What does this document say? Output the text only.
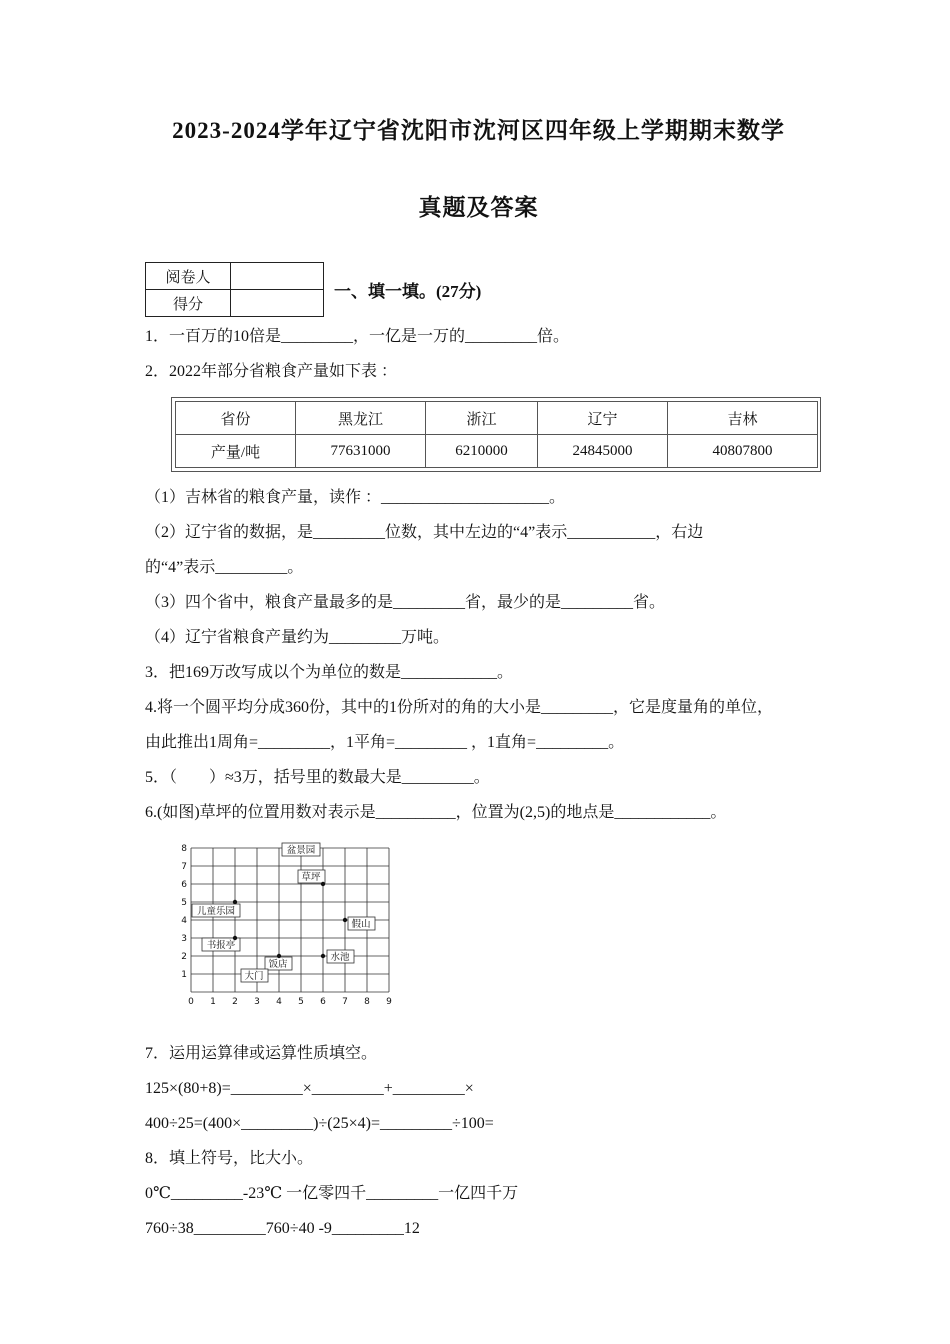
2023-2024学年辽宁省沈阳市沈河区四年级上学期期末数学
真题及答案
阅卷人	
得分	
一、填一填。(27分)

1．一百万的10倍是_________，一亿是一万的_________倍。

2．2022年部分省粮食产量如下表 ：

省份	黑龙江	浙江	辽宁	吉林
产量/吨	77631000	6210000	24845000	40807800

（1）吉林省的粮食产量，读作 ：_____________________。

（2）辽宁省的数据，是_________位数，其中左边的“4”表示___________，右边

的“4”表示_________。

（3）四个省中，粮食产量最多的是_________省，最少的是_________省。

（4）辽宁省粮食产量约为_________万吨。

3．把169万改写成以个为单位的数是____________。

4.将一个圆平均分成360份，其中的1份所对的角的大小是_________，它是度量角的单位，

由此推出1周角=_________，1平角=_________ ，1直角=_________。

5．（　　）≈3万，括号里的数最大是_________。

6.(如图)草坪的位置用数对表示是__________，位置为(2,5)的地点是____________。

8
7
6
5
4
3
2
1
0 1 2 3 4 5 6 7 8 9
盆景园
草坪
儿童乐园
假山
书报亭
饭店
水池
大门

7．运用运算律或运算性质填空。

125×(80+8)=_________×_________+_________×

400÷25=(400×_________)÷(25×4)=_________÷100=

8．填上符号，比大小。

0℃_________-23℃ 一亿零四千_________一亿四千万

760÷38_________760÷40 -9_________12
